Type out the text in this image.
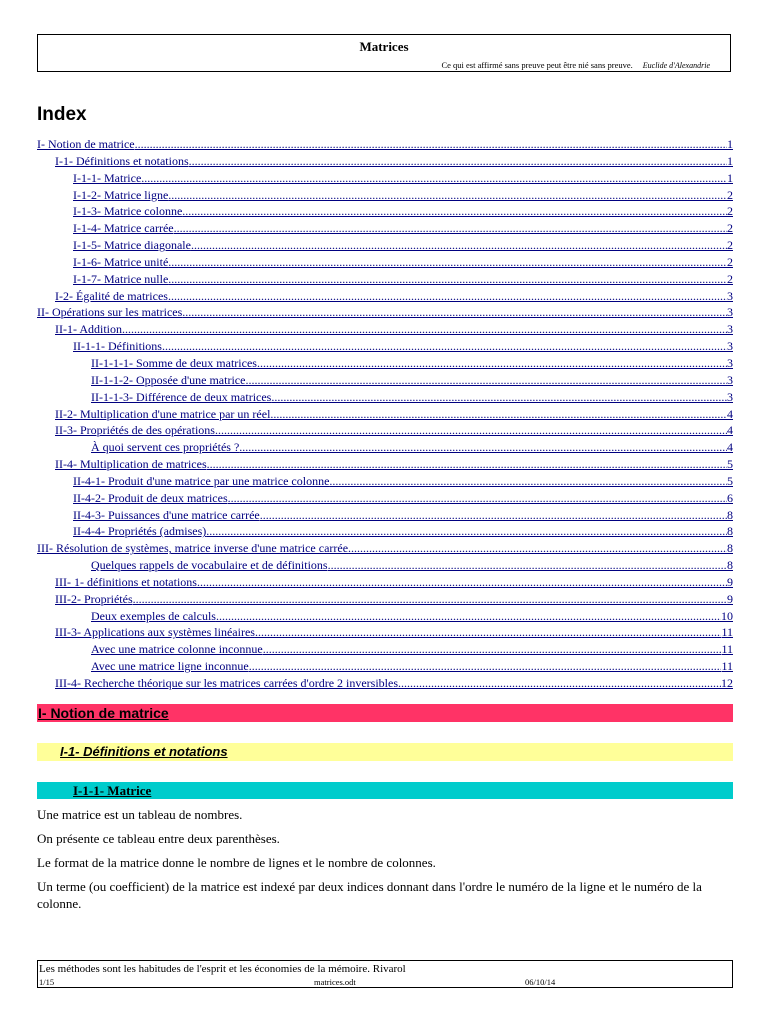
Matrices
Ce qui est affirmé sans preuve peut être nié sans preuve. Euclide d'Alexandrie
Index
I- Notion de matrice .....	1
I-1- Définitions et notations .....	1
I-1-1- Matrice .....	1
I-1-2- Matrice ligne .....	2
I-1-3- Matrice colonne .....	2
I-1-4- Matrice carrée .....	2
I-1-5- Matrice diagonale .....	2
I-1-6- Matrice unité .....	2
I-1-7- Matrice nulle .....	2
I-2- Égalité de matrices .....	3
II- Opérations sur les matrices .....	3
II-1- Addition .....	3
II-1-1- Définitions .....	3
II-1-1-1- Somme de deux matrices .....	3
II-1-1-2- Opposée d'une matrice .....	3
II-1-1-3- Différence de deux matrices .....	3
II-2- Multiplication d'une matrice par un réel .....	4
II-3- Propriétés de des opérations .....	4
À quoi servent ces propriétés ? .....	4
II-4- Multiplication de matrices .....	5
II-4-1- Produit d'une matrice par une matrice colonne .....	5
II-4-2- Produit de deux matrices .....	6
II-4-3- Puissances d'une matrice carrée .....	8
II-4-4- Propriétés (admises) .....	8
III- Résolution de systèmes, matrice inverse d'une matrice carrée .....	8
Quelques rappels de vocabulaire et de définitions .....	8
III- 1- définitions et notations .....	9
III-2- Propriétés .....	9
Deux exemples de calculs .....	10
III-3- Applications aux systèmes linéaires .....	11
Avec une matrice colonne inconnue .....	11
Avec une matrice ligne inconnue .....	11
III-4- Recherche théorique sur les matrices carrées d'ordre 2 inversibles .....	12
I- Notion de matrice
I-1- Définitions et notations
I-1-1- Matrice
Une matrice est un tableau de nombres.
On présente ce tableau entre deux parenthèses.
Le format de la matrice donne le nombre de lignes et le nombre de colonnes.
Un terme (ou coefficient) de la matrice est indexé par deux indices donnant dans l'ordre le numéro de la ligne et le numéro de la colonne.
Les méthodes sont les habitudes de l'esprit et les économies de la mémoire. Rivarol
1/15	matrices.odt	06/10/14
